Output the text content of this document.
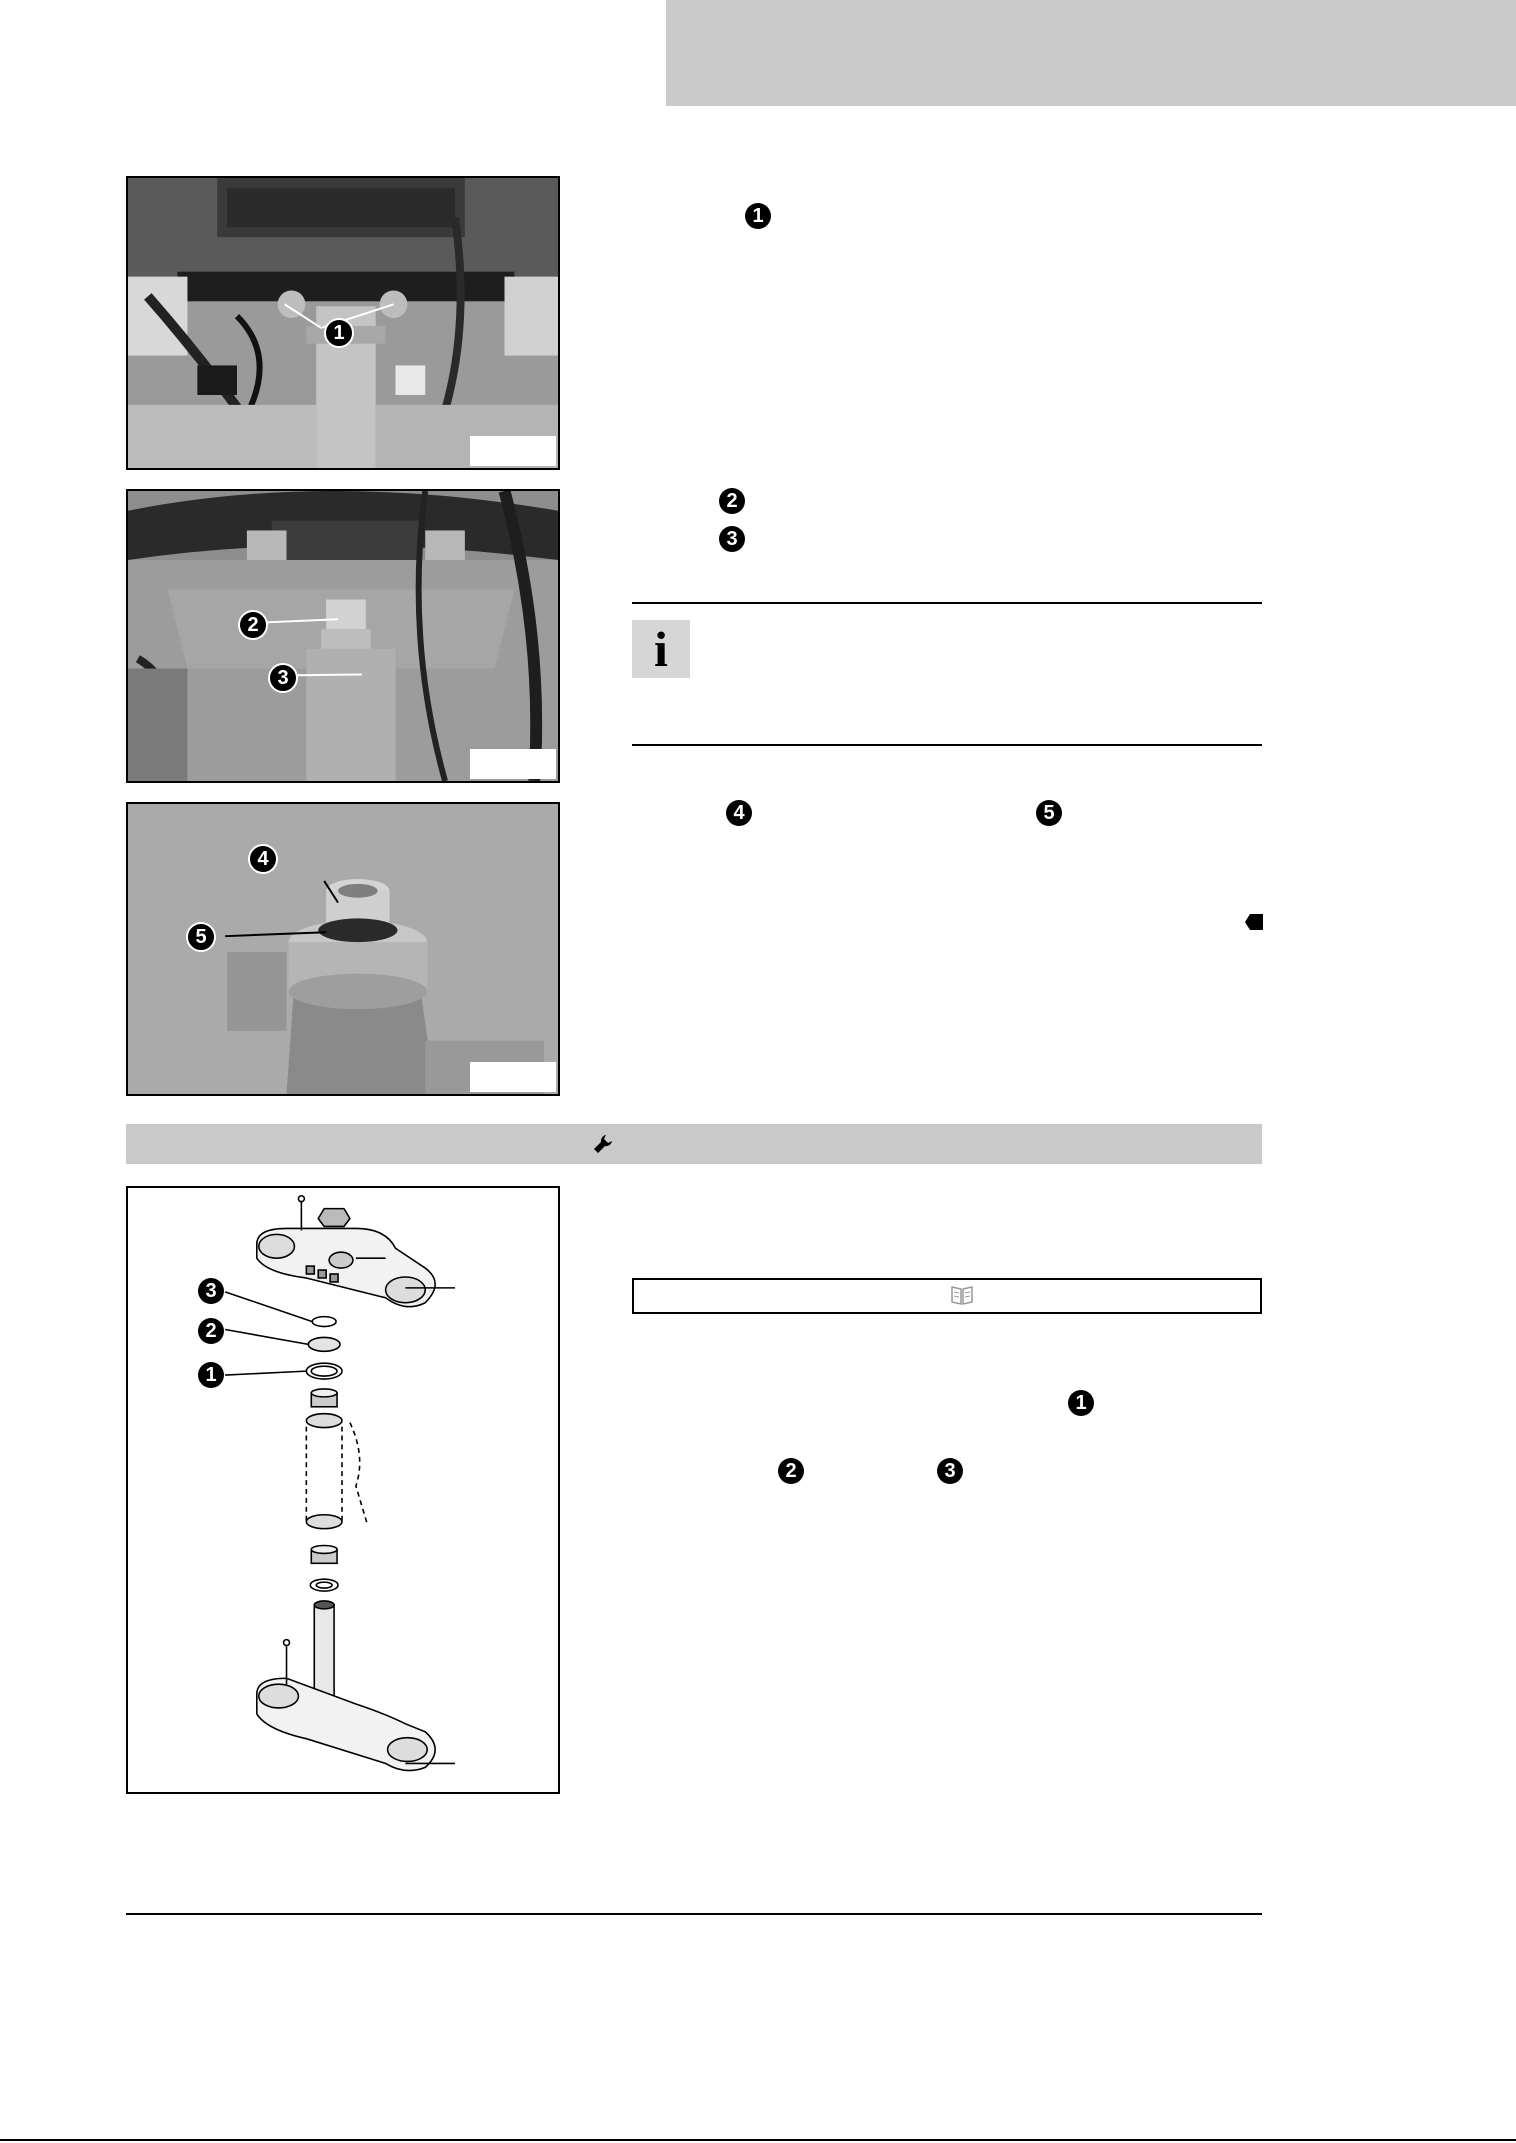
1
2
3
4
5
1
2
3
i
4	5
3
2
1
1
2	3
